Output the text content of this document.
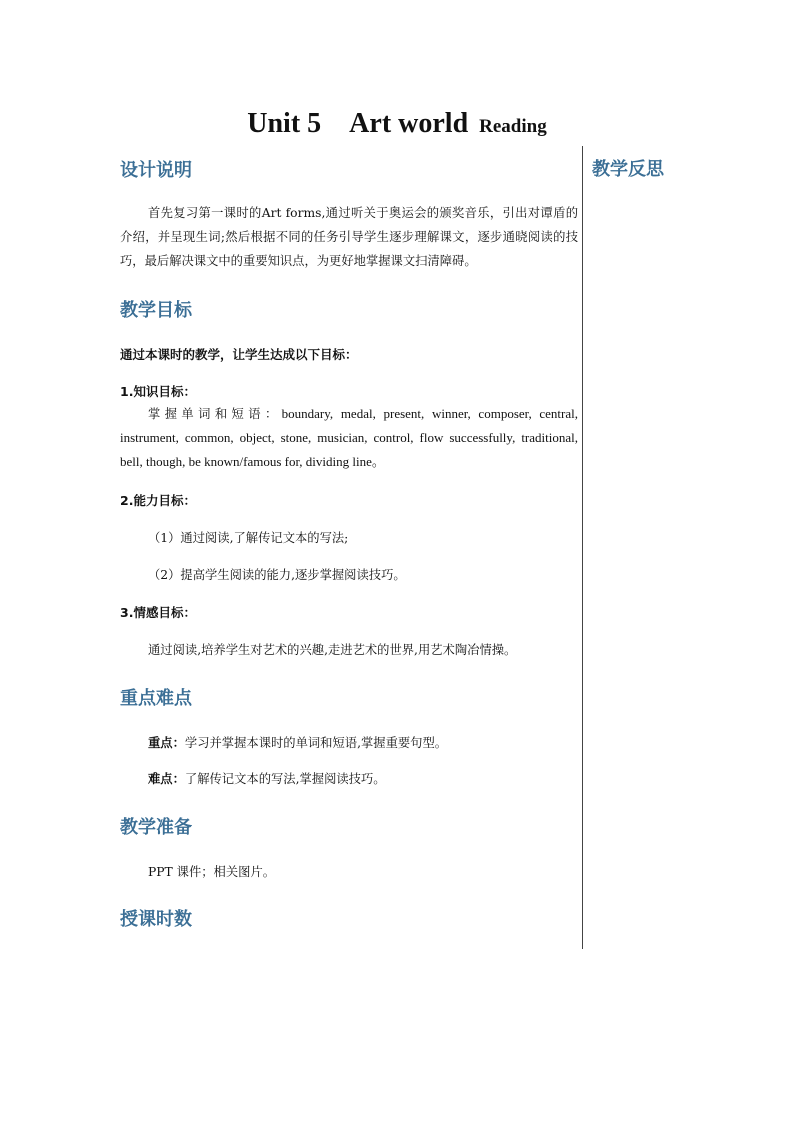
Unit 5 Art world Reading
教学反思
设计说明
首先复习第一课时的Art forms,通过听关于奥运会的颁奖音乐，引出对谭盾的介绍，并呈现生词;然后根据不同的任务引导学生逐步理解课文，逐步通晓阅读的技巧，最后解决课文中的重要知识点，为更好地掌握课文扫清障碍。
教学目标
通过本课时的教学，让学生达成以下目标：
1.知识目标：
掌握单词和短语：boundary, medal, present, winner, composer, central, instrument, common, object, stone, musician, control, flow successfully, traditional, bell, though, be known/famous for, dividing line。
2.能力目标：
（1）通过阅读,了解传记文本的写法;
（2）提高学生阅读的能力,逐步掌握阅读技巧。
3.情感目标：
通过阅读,培养学生对艺术的兴趣,走进艺术的世界,用艺术陶冶情操。
重点难点
重点：学习并掌握本课时的单词和短语,掌握重要句型。
难点：了解传记文本的写法,掌握阅读技巧。
教学准备
PPT 课件；相关图片。
授课时数
